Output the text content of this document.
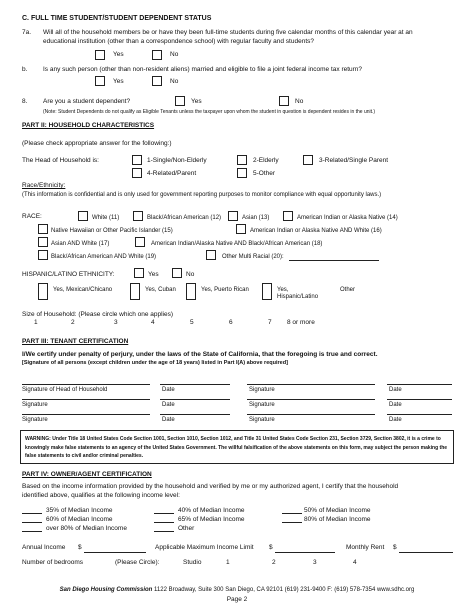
C. FULL TIME STUDENT/STUDENT DEPENDENT STATUS
7a. Will all of the household members be or have they been full-time students during five calendar months of this calendar year at an
educational institution (other than a correspondence school) with regular faculty and students?
Yes	No
b. Is any such person (other than non-resident aliens) married and eligible to file a joint federal income tax return?
Yes	No
8. Are you a student dependent?	Yes	No
(Note: Student Dependents do not qualify as Eligible Tenants unless the taxpayer upon whom the student in question is dependent resides in the unit.)
PART II: HOUSEHOLD CHARACTERISTICS
(Please check appropriate answer for the following:)
The Head of Household is:	1-Single/Non-Elderly	2-Elderly	3-Related/Single Parent
4-Related/Parent	5-Other
Race/Ethnicity:
(This information is confidential and is only used for government reporting purposes to monitor compliance with equal opportunity laws.)
RACE:	White (11)	Black/African American (12)	Asian (13)	American Indian or Alaska Native (14)
Native Hawaiian or Other Pacific Islander (15)	American Indian or Alaska Native AND White (16)
Asian AND White (17)	American Indian/Alaska Native AND Black/African American (18)
Black/African American AND White (19)	Other Multi Racial (20):
HISPANIC/LATINO ETHNICITY:	Yes	No
Yes, Mexican/Chicano	Yes, Cuban	Yes, Puerto Rican	Yes,
Hispanic/Latino
Other
Size of Household: (Please circle which one applies)
1	2	3	4	5	6	7 8 or more
PART III: TENANT CERTIFICATION
I/We certify under penalty of perjury, under the laws of the State of California, that the foregoing is true and correct.
[Signature of all persons (except children under the age of 18 years) listed in Part I(A) above required]
Signature of Head of Household	Date	Signature	Date
Signature	Date	Signature	Date
Signature	Date	Signature	Date
WARNING: Under Title 18 United States Code Section 1001, Section 1010, Section 1012, and Title 31 United States Code Section 231, Section 3729, Section 3802, it is a crime to knowingly make false statements to an agency of the United States Government. The willful falsification of the above statements on this form, may subject the person making the false statements to civil and/or criminal penalties.
PART IV: OWNER/AGENT CERTIFICATION
Based on the income information provided by the household and verified by me or my authorized agent, I certify that the household
identified above, qualifies at the following income level:
35% of Median Income	40% of Median Income	50% of Median Income
60% of Median Income	65% of Median Income	80% of Median Income
over 80% of Median Income	Other
Annual Income $	Applicable Maximum Income Limit $	Monthly Rent $
Number of bedrooms	(Please Circle):	Studio	1	2	3	4
San Diego Housing Commission 1122 Broadway, Suite 300 San Diego, CA 92101 (619) 231-9400 F: (619) 578-7354 www.sdhc.org
Page 2
